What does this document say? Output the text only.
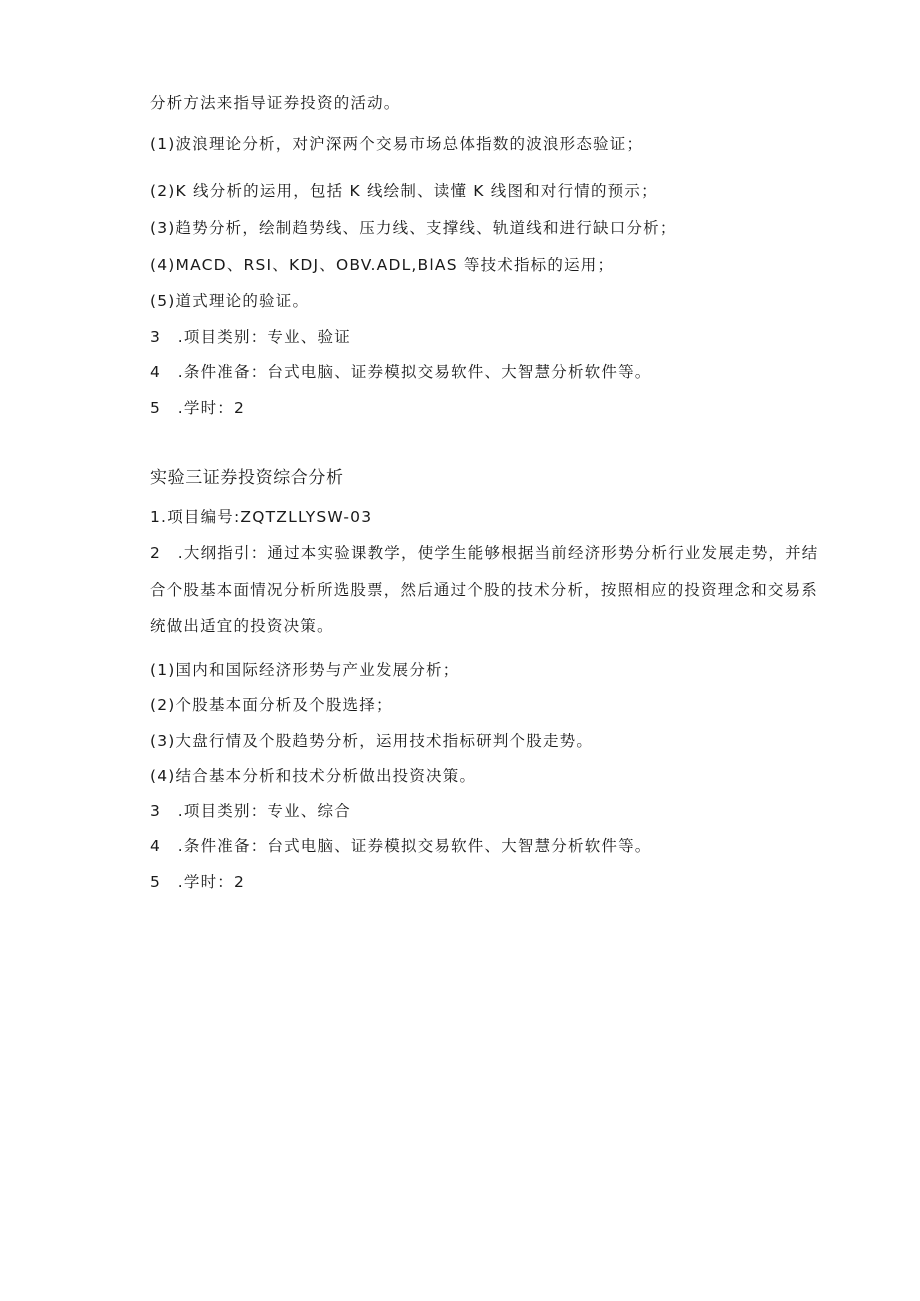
分析方法来指导证券投资的活动。
(1)波浪理论分析，对沪深两个交易市场总体指数的波浪形态验证；
(2)K 线分析的运用，包括 K 线绘制、读懂 K 线图和对行情的预示；
(3)趋势分析，绘制趋势线、压力线、支撑线、轨道线和进行缺口分析；
(4)MACD、RSI、KDJ、OBV.ADL,BlAS 等技术指标的运用；
(5)道式理论的验证。
3　.项目类别：专业、验证
4　.条件准备：台式电脑、证券模拟交易软件、大智慧分析软件等。
5　.学时：2
实验三证券投资综合分析
1.项目编号:ZQTZLLYSW-03
2　.大纲指引：通过本实验课教学，使学生能够根据当前经济形势分析行业发展走势，并结
合个股基本面情况分析所选股票，然后通过个股的技术分析，按照相应的投资理念和交易系
统做出适宜的投资决策。
(1)国内和国际经济形势与产业发展分析；
(2)个股基本面分析及个股选择；
(3)大盘行情及个股趋势分析，运用技术指标研判个股走势。
(4)结合基本分析和技术分析做出投资决策。
3　.项目类别：专业、综合
4　.条件准备：台式电脑、证券模拟交易软件、大智慧分析软件等。
5　.学时：2
